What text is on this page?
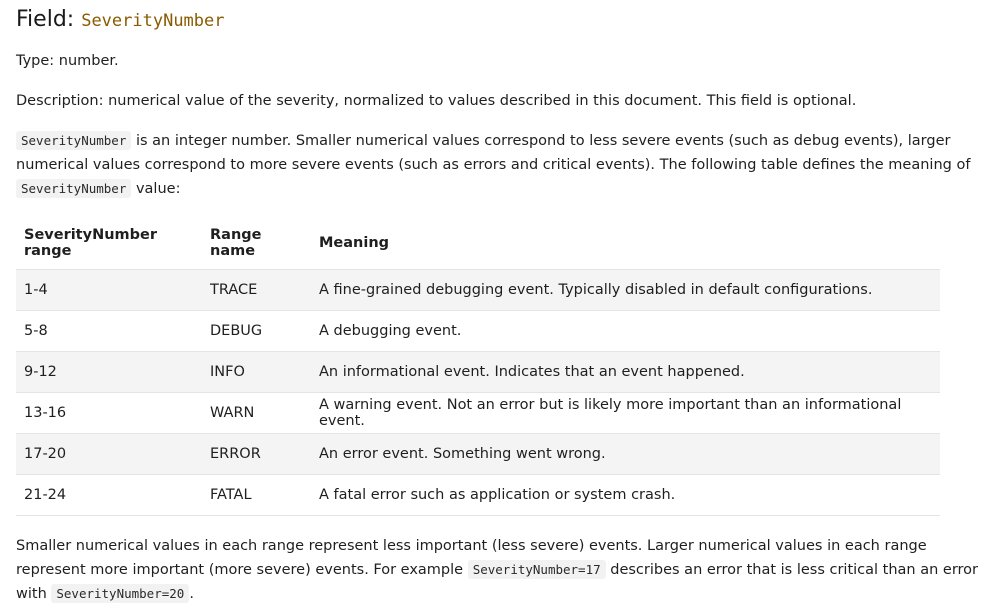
Field: SeverityNumber

Type: number.

Description: numerical value of the severity, normalized to values described in this document. This field is optional.

SeverityNumber is an integer number. Smaller numerical values correspond to less severe events (such as debug events), larger numerical values correspond to more severe events (such as errors and critical events). The following table defines the meaning of SeverityNumber value:

SeverityNumber range	Range name	Meaning
1-4	TRACE	A fine-grained debugging event. Typically disabled in default configurations.
5-8	DEBUG	A debugging event.
9-12	INFO	An informational event. Indicates that an event happened.
13-16	WARN	A warning event. Not an error but is likely more important than an informational event.
17-20	ERROR	An error event. Something went wrong.
21-24	FATAL	A fatal error such as application or system crash.

Smaller numerical values in each range represent less important (less severe) events. Larger numerical values in each range represent more important (more severe) events. For example SeverityNumber=17 describes an error that is less critical than an error with SeverityNumber=20 .
